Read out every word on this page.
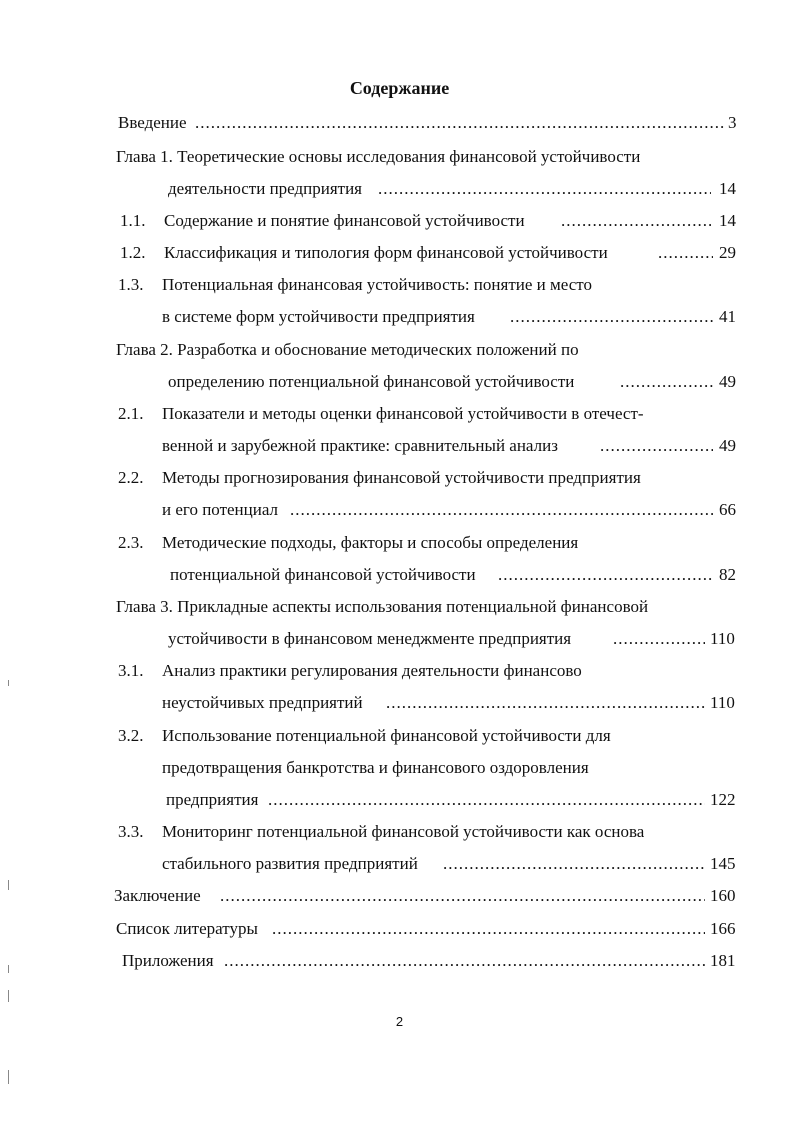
Содержание
Введение .....	3
Глава 1. Теоретические основы исследования финансовой устойчивости
деятельности предприятия .....	14
1.1. Содержание и понятие финансовой устойчивости .....	14
1.2. Классификация и типология форм финансовой устойчивости .....	29
1.3. Потенциальная финансовая устойчивость: понятие и место
в системе форм устойчивости предприятия .....	41
Глава 2. Разработка и обоснование методических положений по
определению потенциальной финансовой устойчивости .....	49
2.1. Показатели и методы оценки финансовой устойчивости в отечест-
венной и зарубежной практике: сравнительный анализ .....	49
2.2. Методы прогнозирования финансовой устойчивости предприятия
и его потенциал .....	66
2.3. Методические подходы, факторы и способы определения
потенциальной финансовой устойчивости .....	82
Глава 3. Прикладные аспекты использования потенциальной финансовой
устойчивости в финансовом менеджменте предприятия .....	110
3.1. Анализ практики регулирования деятельности финансово
неустойчивых предприятий .....	110
3.2. Использование потенциальной финансовой устойчивости для
предотвращения банкротства и финансового оздоровления
предприятия .....	122
3.3. Мониторинг потенциальной финансовой устойчивости как основа
стабильного развития предприятий .....	145
Заключение .....	160
Список литературы .....	166
Приложения .....	181
2
